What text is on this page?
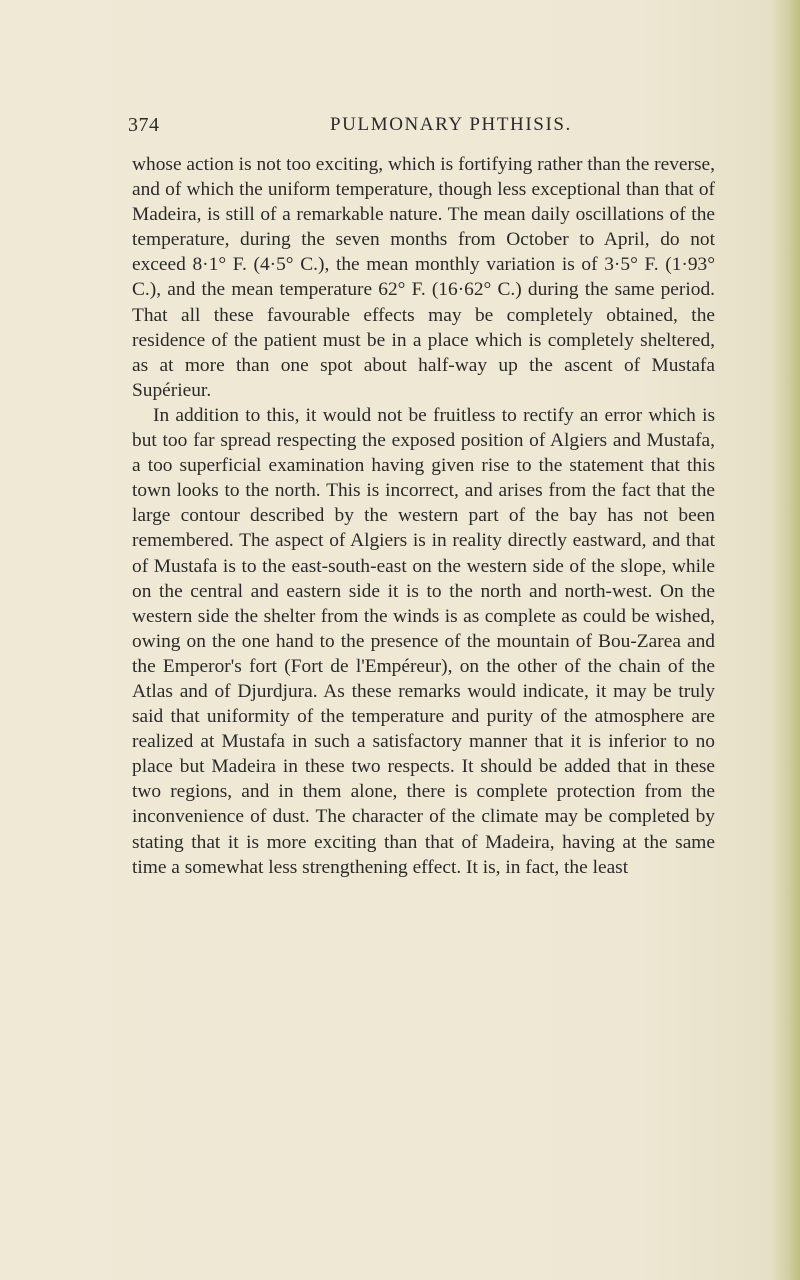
374	PULMONARY PHTHISIS.

whose action is not too exciting, which is fortifying rather than the reverse, and of which the uniform temperature, though less exceptional than that of Madeira, is still of a remarkable nature. The mean daily oscillations of the temperature, during the seven months from October to April, do not exceed 8·1° F. (4·5° C.), the mean monthly variation is of 3·5° F. (1·93° C.), and the mean temperature 62° F. (16·62° C.) during the same period. That all these favourable effects may be completely obtained, the residence of the patient must be in a place which is completely sheltered, as at more than one spot about half-way up the ascent of Mustafa Supérieur.

In addition to this, it would not be fruitless to rectify an error which is but too far spread respecting the exposed position of Algiers and Mustafa, a too superficial examination having given rise to the statement that this town looks to the north. This is incorrect, and arises from the fact that the large contour described by the western part of the bay has not been remembered. The aspect of Algiers is in reality directly eastward, and that of Mustafa is to the east-south-east on the western side of the slope, while on the central and eastern side it is to the north and north-west. On the western side the shelter from the winds is as complete as could be wished, owing on the one hand to the presence of the mountain of Bou-Zarea and the Emperor's fort (Fort de l'Empéreur), on the other of the chain of the Atlas and of Djurdjura. As these remarks would indicate, it may be truly said that uniformity of the temperature and purity of the atmosphere are realized at Mustafa in such a satisfactory manner that it is inferior to no place but Madeira in these two respects. It should be added that in these two regions, and in them alone, there is complete protection from the inconvenience of dust. The character of the climate may be completed by stating that it is more exciting than that of Madeira, having at the same time a somewhat less strengthening effect. It is, in fact, the least
